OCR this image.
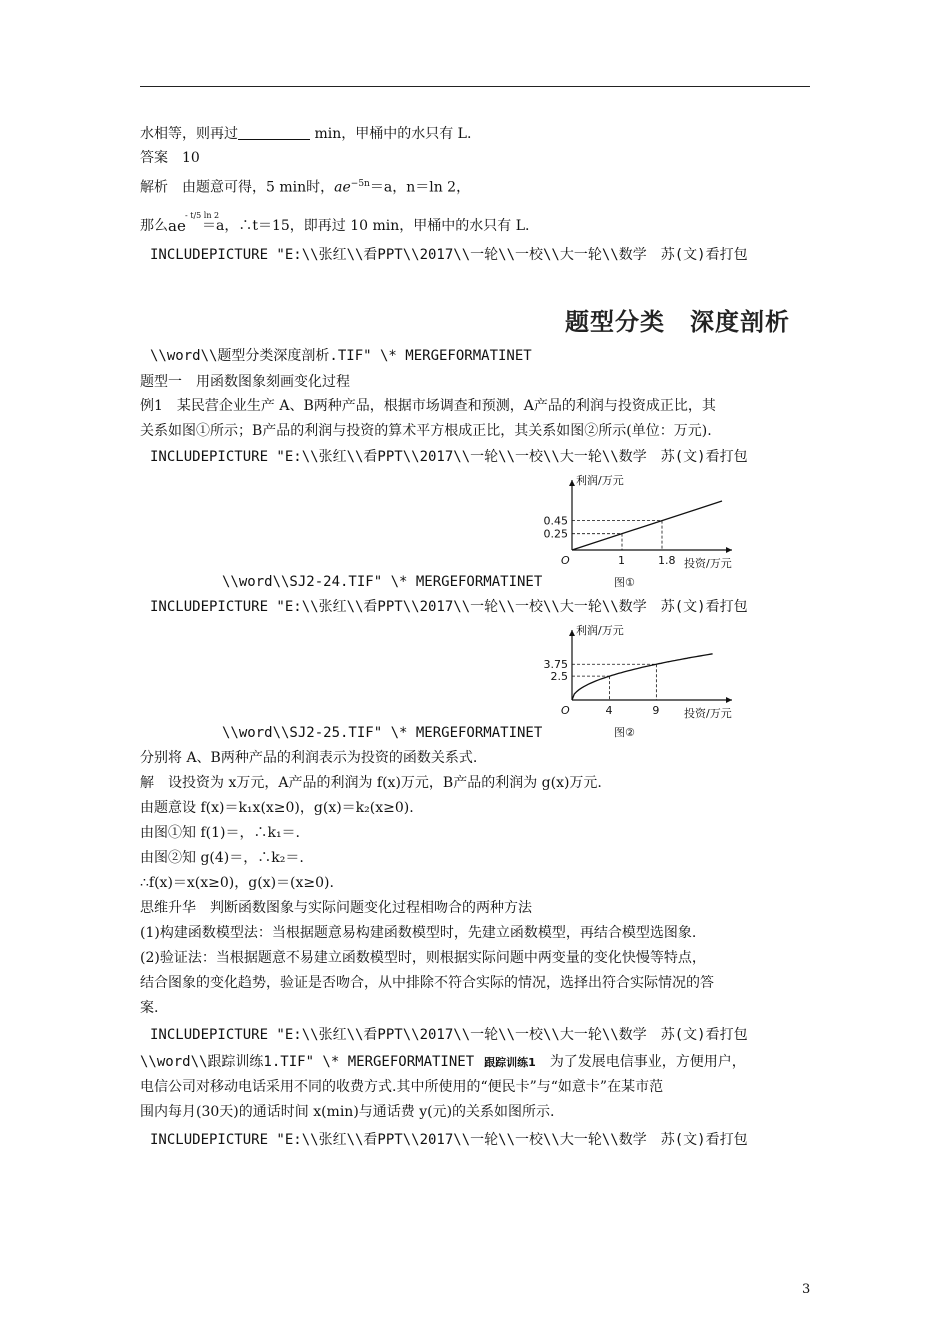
水相等，则再过	min，甲桶中的水只有 L.
答案　10
解析　由题意可得，5 min时，$ae^{-5n}=a$，n＝ln 2，
那么 ae
- t/5 ln 2
＝a，∴t＝15，即再过 10 min，甲桶中的水只有 L.
INCLUDEPICTURE "E:\\张红\\看PPT\\2017\\一轮\\一校\\大一轮\\数学　苏(文)看打包
题型分类　深度剖析
\\word\\题型分类深度剖析.TIF" \* MERGEFORMATINET
题型一　用函数图象刻画变化过程
例1　某民营企业生产 A、B两种产品，根据市场调查和预测，A产品的利润与投资成正比，其
关系如图①所示；B产品的利润与投资的算术平方根成正比，其关系如图②所示(单位：万元).
INCLUDEPICTURE "E:\\张红\\看PPT\\2017\\一轮\\一校\\大一轮\\数学　苏(文)看打包
利润/万元
投资/万元
O
图①
1
0.25
1.8
0.45
\\word\\SJ2-24.TIF" \* MERGEFORMATINET
INCLUDEPICTURE "E:\\张红\\看PPT\\2017\\一轮\\一校\\大一轮\\数学　苏(文)看打包
利润/万元
投资/万元
O
图②
4
2.5
9
3.75
\\word\\SJ2-25.TIF" \* MERGEFORMATINET
分别将 A、B两种产品的利润表示为投资的函数关系式.
解　设投资为 x万元，A产品的利润为 f(x)万元，B产品的利润为 g(x)万元.
由题意设 f(x)＝k₁x(x≥0)，g(x)＝k₂(x≥0).
由图①知 f(1)＝，∴k₁＝.
由图②知 g(4)＝，∴k₂＝.
∴f(x)＝x(x≥0)，g(x)＝(x≥0).
思维升华　判断函数图象与实际问题变化过程相吻合的两种方法
(1)构建函数模型法：当根据题意易构建函数模型时，先建立函数模型，再结合模型选图象.
(2)验证法：当根据题意不易建立函数模型时，则根据实际问题中两变量的变化快慢等特点，
结合图象的变化趋势，验证是否吻合，从中排除不符合实际的情况，选择出符合实际情况的答
案.
INCLUDEPICTURE "E:\\张红\\看PPT\\2017\\一轮\\一校\\大一轮\\数学　苏(文)看打包
\\word\\跟踪训练1.TIF" \* MERGEFORMATINET 跟踪训练1 为了发展电信事业，方便用户，
电信公司对移动电话采用不同的收费方式.其中所使用的“便民卡”与“如意卡”在某市范
围内每月(30天)的通话时间 x(min)与通话费 y(元)的关系如图所示.
INCLUDEPICTURE "E:\\张红\\看PPT\\2017\\一轮\\一校\\大一轮\\数学　苏(文)看打包
3
